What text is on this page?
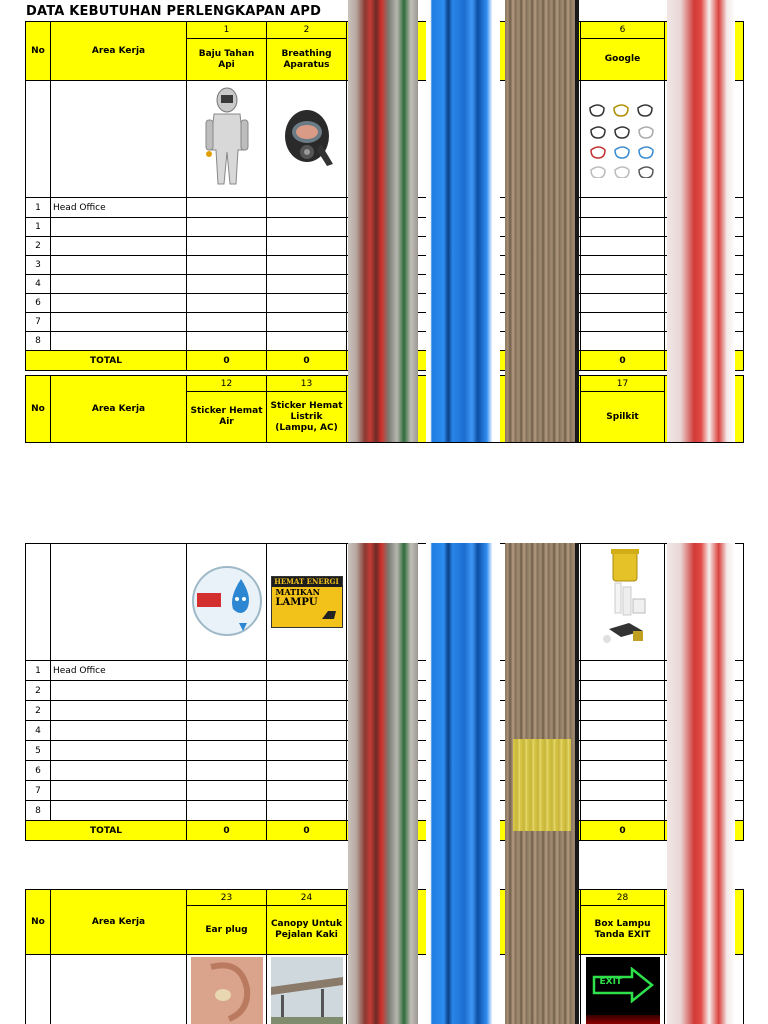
DATA KEBUTUHAN PERLENGKAPAN APD
No	Area Kerja	1	2		6	
		Baju Tahan Api	Breathing Aparatus		Google	

1	Head Office					
1						
2						
3						
4						
6						
7						
8						
TOTAL		0	0		0	
No	Area Kerja	12	13		17	
		Sticker Hemat Air	Sticker Hemat Listrik (Lampu, AC)		Spilkit	

HEMAT ENERGI
MATIKAN
LAMPU

1	Head Office					
2						
2						
4						
5						
6						
7						
8						
TOTAL		0	0		0	
No	Area Kerja	23	24		28	
		Ear plug	Canopy Untuk Pejalan Kaki		Box Lampu Tanda EXIT	

EXIT	
